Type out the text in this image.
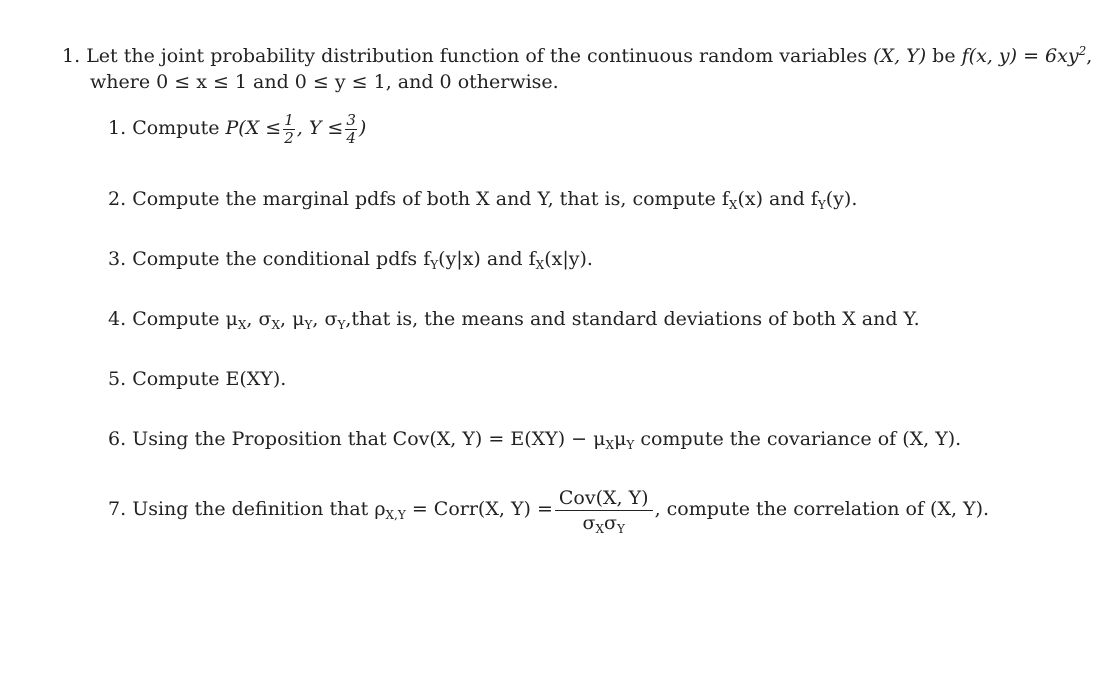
1. Let the joint probability distribution function of the continuous random variables (X, Y) be f(x, $y) = 6xy^2$,
where 0 ≤ x ≤ 1 and 0 ≤ y ≤ 1, and 0 otherwise.
1. Compute $P(X \le \frac{1}{2}$ , $Y \le \frac{3}{4}$ )
2. Compute the marginal pdfs of both X and Y, that is, compute $f_X(x)$ and $f_Y(y)$.
3. Compute the conditional pdfs $f_Y(y|x)$ and $f_X(x|y)$.
4. Compute $\mu_X$, $\sigma_X$, $\mu_Y$, $\sigma_Y,that$ is, the means and standard deviations of both X and Y.
5. Compute E(XY).
6. Using the Proposition that Cov(X, $Y) = E(XY) - \mu_X\mu_Y$ compute the covariance of (X, Y).
7. Using the definition that $\rho_{X,Y}$ = Corr(X, $Y) = \frac{\text{Cov(X, Y)}}{\sigma_X\sigma_Y}$ , compute the correlation of (X, Y).
